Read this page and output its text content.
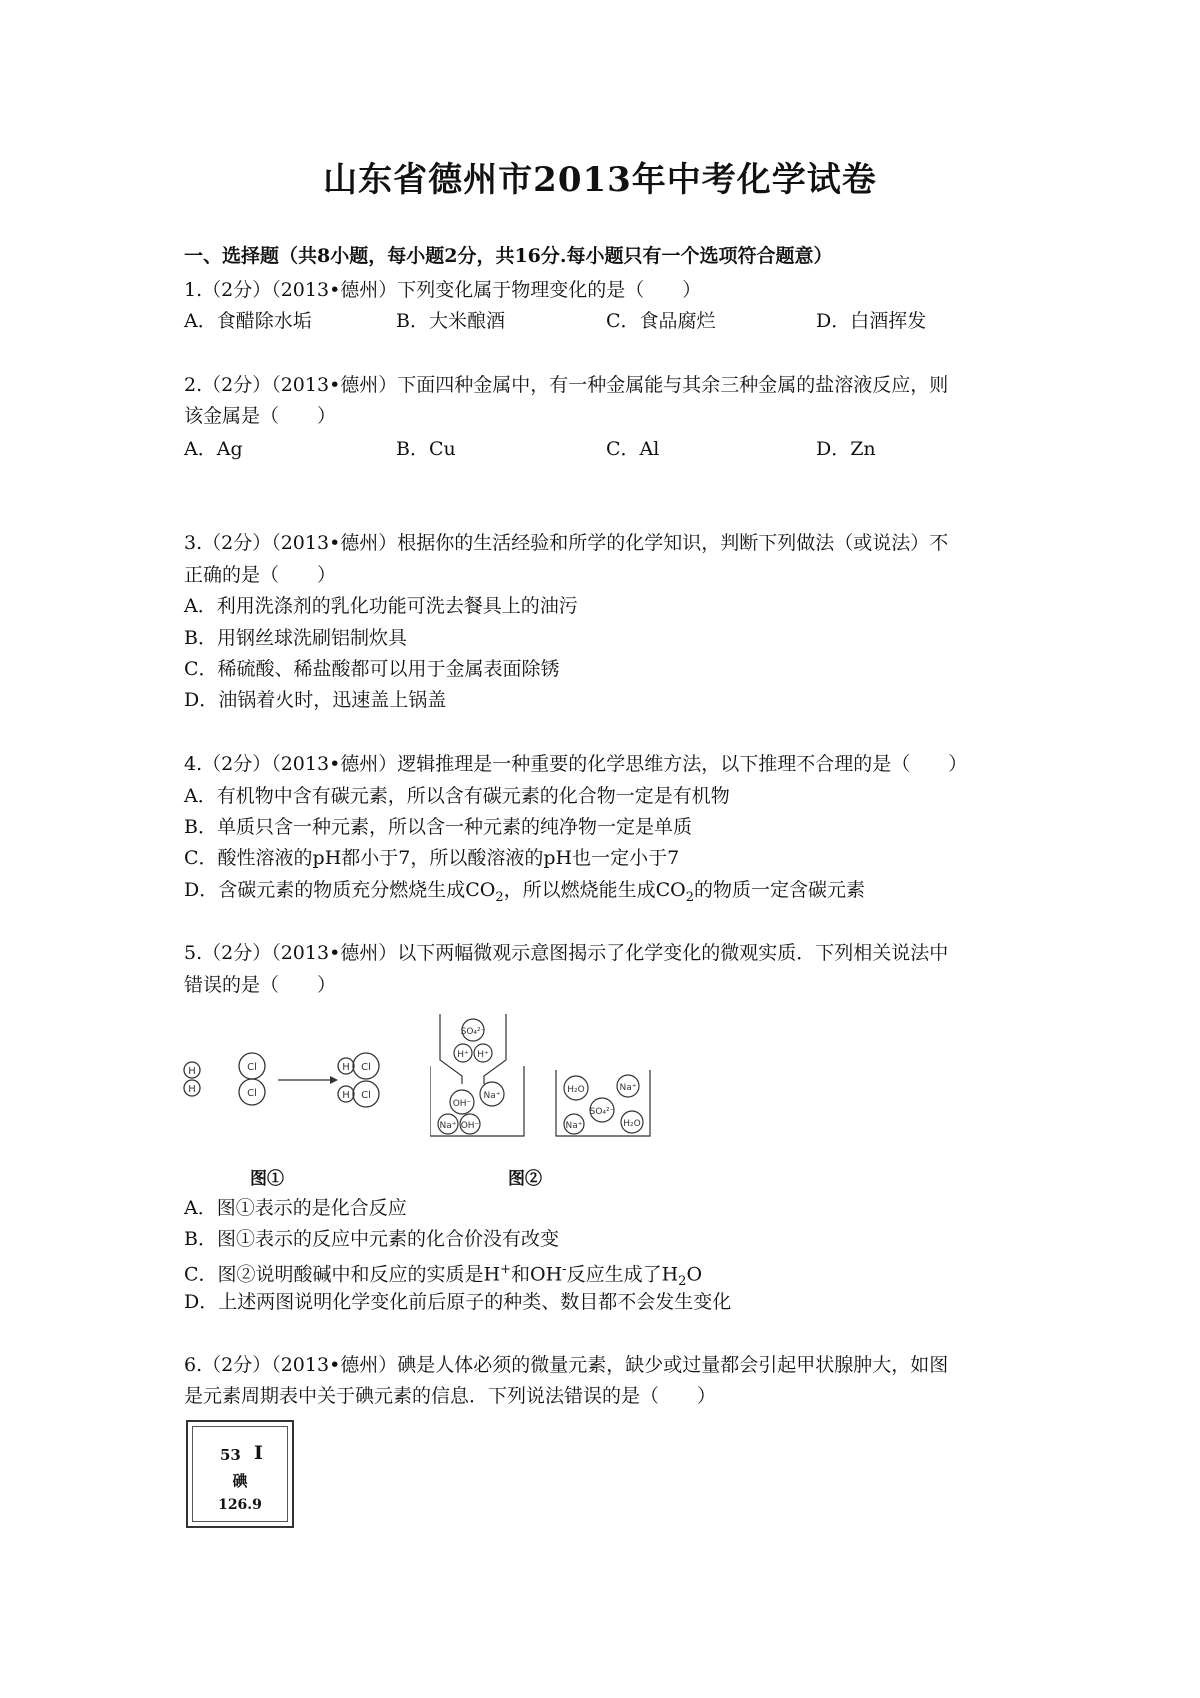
山东省德州市2013年中考化学试卷
一、选择题（共8小题，每小题2分，共16分.每小题只有一个选项符合题意）
1.（2分）（2013•德州）下列变化属于物理变化的是（　　）
A．食醋除水垢	B．大米酿酒	C．食品腐烂	D．白酒挥发
2.（2分）（2013•德州）下面四种金属中，有一种金属能与其余三种金属的盐溶液反应，则
该金属是（　　）
A．Ag	B．Cu	C．Al	D．Zn
3.（2分）（2013•德州）根据你的生活经验和所学的化学知识，判断下列做法（或说法）不
正确的是（　　）
A．利用洗涤剂的乳化功能可洗去餐具上的油污
B．用钢丝球洗刷铝制炊具
C．稀硫酸、稀盐酸都可以用于金属表面除锈
D．油锅着火时，迅速盖上锅盖
4.（2分）（2013•德州）逻辑推理是一种重要的化学思维方法，以下推理不合理的是（　　）
A．有机物中含有碳元素，所以含有碳元素的化合物一定是有机物
B．单质只含一种元素，所以含一种元素的纯净物一定是单质
C．酸性溶液的pH都小于7，所以酸溶液的pH也一定小于7
D．含碳元素的物质充分燃烧生成$CO_2$，所以燃烧能生成$CO_2$的物质一定含碳元素
5.（2分）（2013•德州）以下两幅微观示意图揭示了化学变化的微观实质．下列相关说法中
错误的是（　　）
H
H
Cl
Cl
H Cl
H Cl
SO₄²⁻
H⁺ H⁺
OH⁻
Na⁺
Na⁺ OH⁻
H₂O	Na⁺
SO₄²⁻
Na⁺	H₂O
图①	图②
A．图①表示的是化合反应
B．图①表示的反应中元素的化合价没有改变
C．图②说明酸碱中和反应的实质是H+和OH-反应生成了$H_2O$
D．上述两图说明化学变化前后原子的种类、数目都不会发生变化
6.（2分）（2013•德州）碘是人体必须的微量元素，缺少或过量都会引起甲状腺肿大，如图
是元素周期表中关于碘元素的信息．下列说法错误的是（　　）
53 I
碘
126.9
